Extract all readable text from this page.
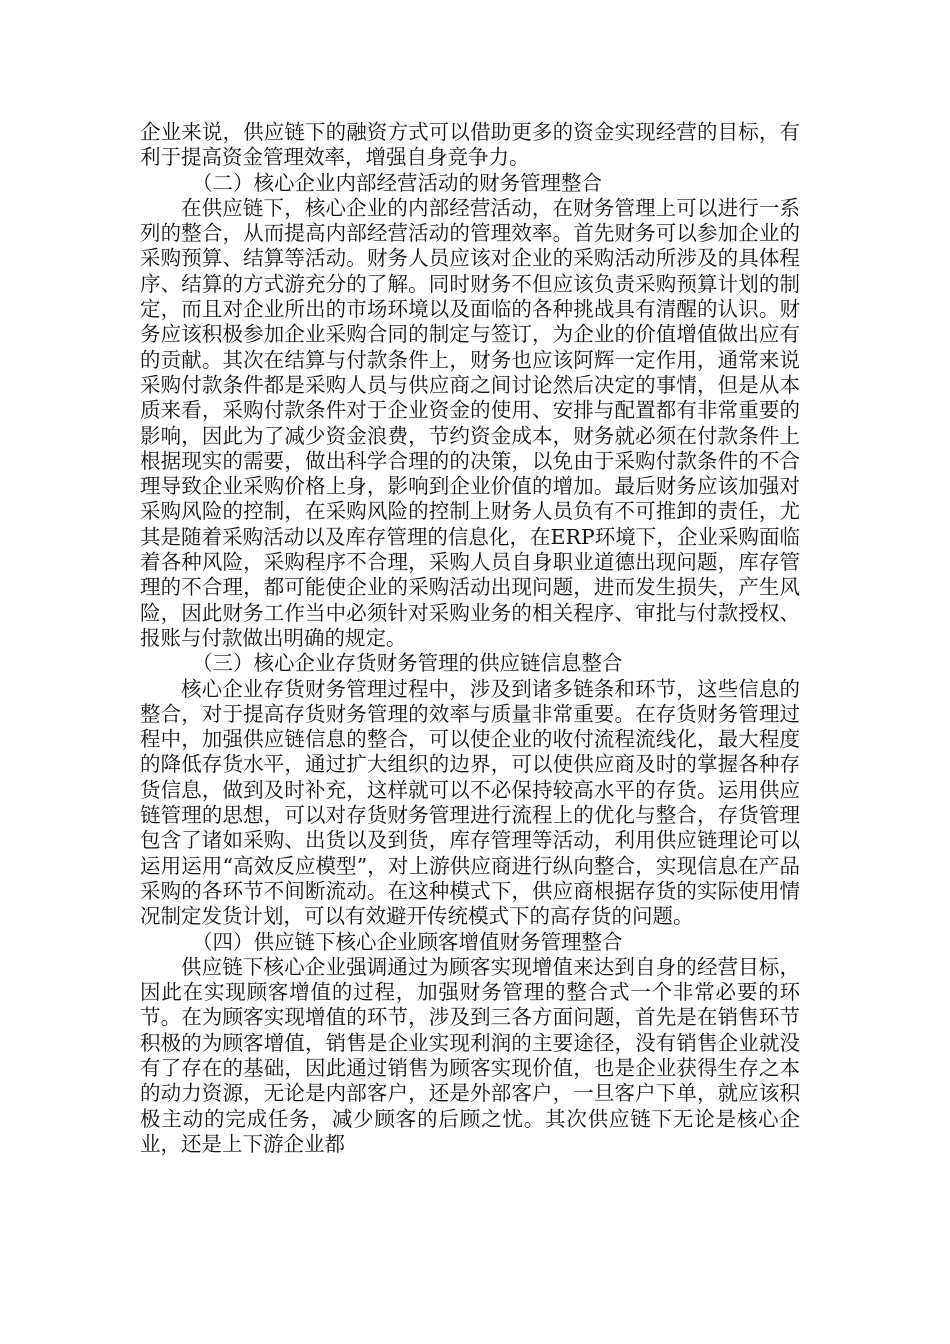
企业来说，供应链下的融资方式可以借助更多的资金实现经营的目标，有利于提高资金管理效率，增强自身竞争力。

（二）核心企业内部经营活动的财务管理整合

在供应链下，核心企业的内部经营活动，在财务管理上可以进行一系列的整合，从而提高内部经营活动的管理效率。首先财务可以参加企业的采购预算、结算等活动。财务人员应该对企业的采购活动所涉及的具体程序、结算的方式游充分的了解。同时财务不但应该负责采购预算计划的制定，而且对企业所出的市场环境以及面临的各种挑战具有清醒的认识。财务应该积极参加企业采购合同的制定与签订，为企业的价值增值做出应有的贡献。其次在结算与付款条件上，财务也应该阿辉一定作用，通常来说采购付款条件都是采购人员与供应商之间讨论然后决定的事情，但是从本质来看，采购付款条件对于企业资金的使用、安排与配置都有非常重要的影响，因此为了减少资金浪费，节约资金成本，财务就必须在付款条件上根据现实的需要，做出科学合理的的决策，以免由于采购付款条件的不合理导致企业采购价格上身，影响到企业价值的增加。最后财务应该加强对采购风险的控制，在采购风险的控制上财务人员负有不可推卸的责任，尤其是随着采购活动以及库存管理的信息化，在ERP环境下，企业采购面临着各种风险，采购程序不合理，采购人员自身职业道德出现问题，库存管理的不合理，都可能使企业的采购活动出现问题，进而发生损失，产生风险，因此财务工作当中必须针对采购业务的相关程序、审批与付款授权、报账与付款做出明确的规定。

（三）核心企业存货财务管理的供应链信息整合

核心企业存货财务管理过程中，涉及到诸多链条和环节，这些信息的整合，对于提高存货财务管理的效率与质量非常重要。在存货财务管理过程中，加强供应链信息的整合，可以使企业的收付流程流线化，最大程度的降低存货水平，通过扩大组织的边界，可以使供应商及时的掌握各种存货信息，做到及时补充，这样就可以不必保持较高水平的存货。运用供应链管理的思想，可以对存货财务管理进行流程上的优化与整合，存货管理包含了诸如采购、出货以及到货，库存管理等活动，利用供应链理论可以运用运用“高效反应模型”，对上游供应商进行纵向整合，实现信息在产品采购的各环节不间断流动。在这种模式下，供应商根据存货的实际使用情况制定发货计划，可以有效避开传统模式下的高存货的问题。

（四）供应链下核心企业顾客增值财务管理整合

供应链下核心企业强调通过为顾客实现增值来达到自身的经营目标，因此在实现顾客增值的过程，加强财务管理的整合式一个非常必要的环节。在为顾客实现增值的环节，涉及到三各方面问题，首先是在销售环节积极的为顾客增值，销售是企业实现利润的主要途径，没有销售企业就没有了存在的基础，因此通过销售为顾客实现价值，也是企业获得生存之本的动力资源，无论是内部客户，还是外部客户，一旦客户下单，就应该积极主动的完成任务，减少顾客的后顾之忧。其次供应链下无论是核心企业，还是上下游企业都
